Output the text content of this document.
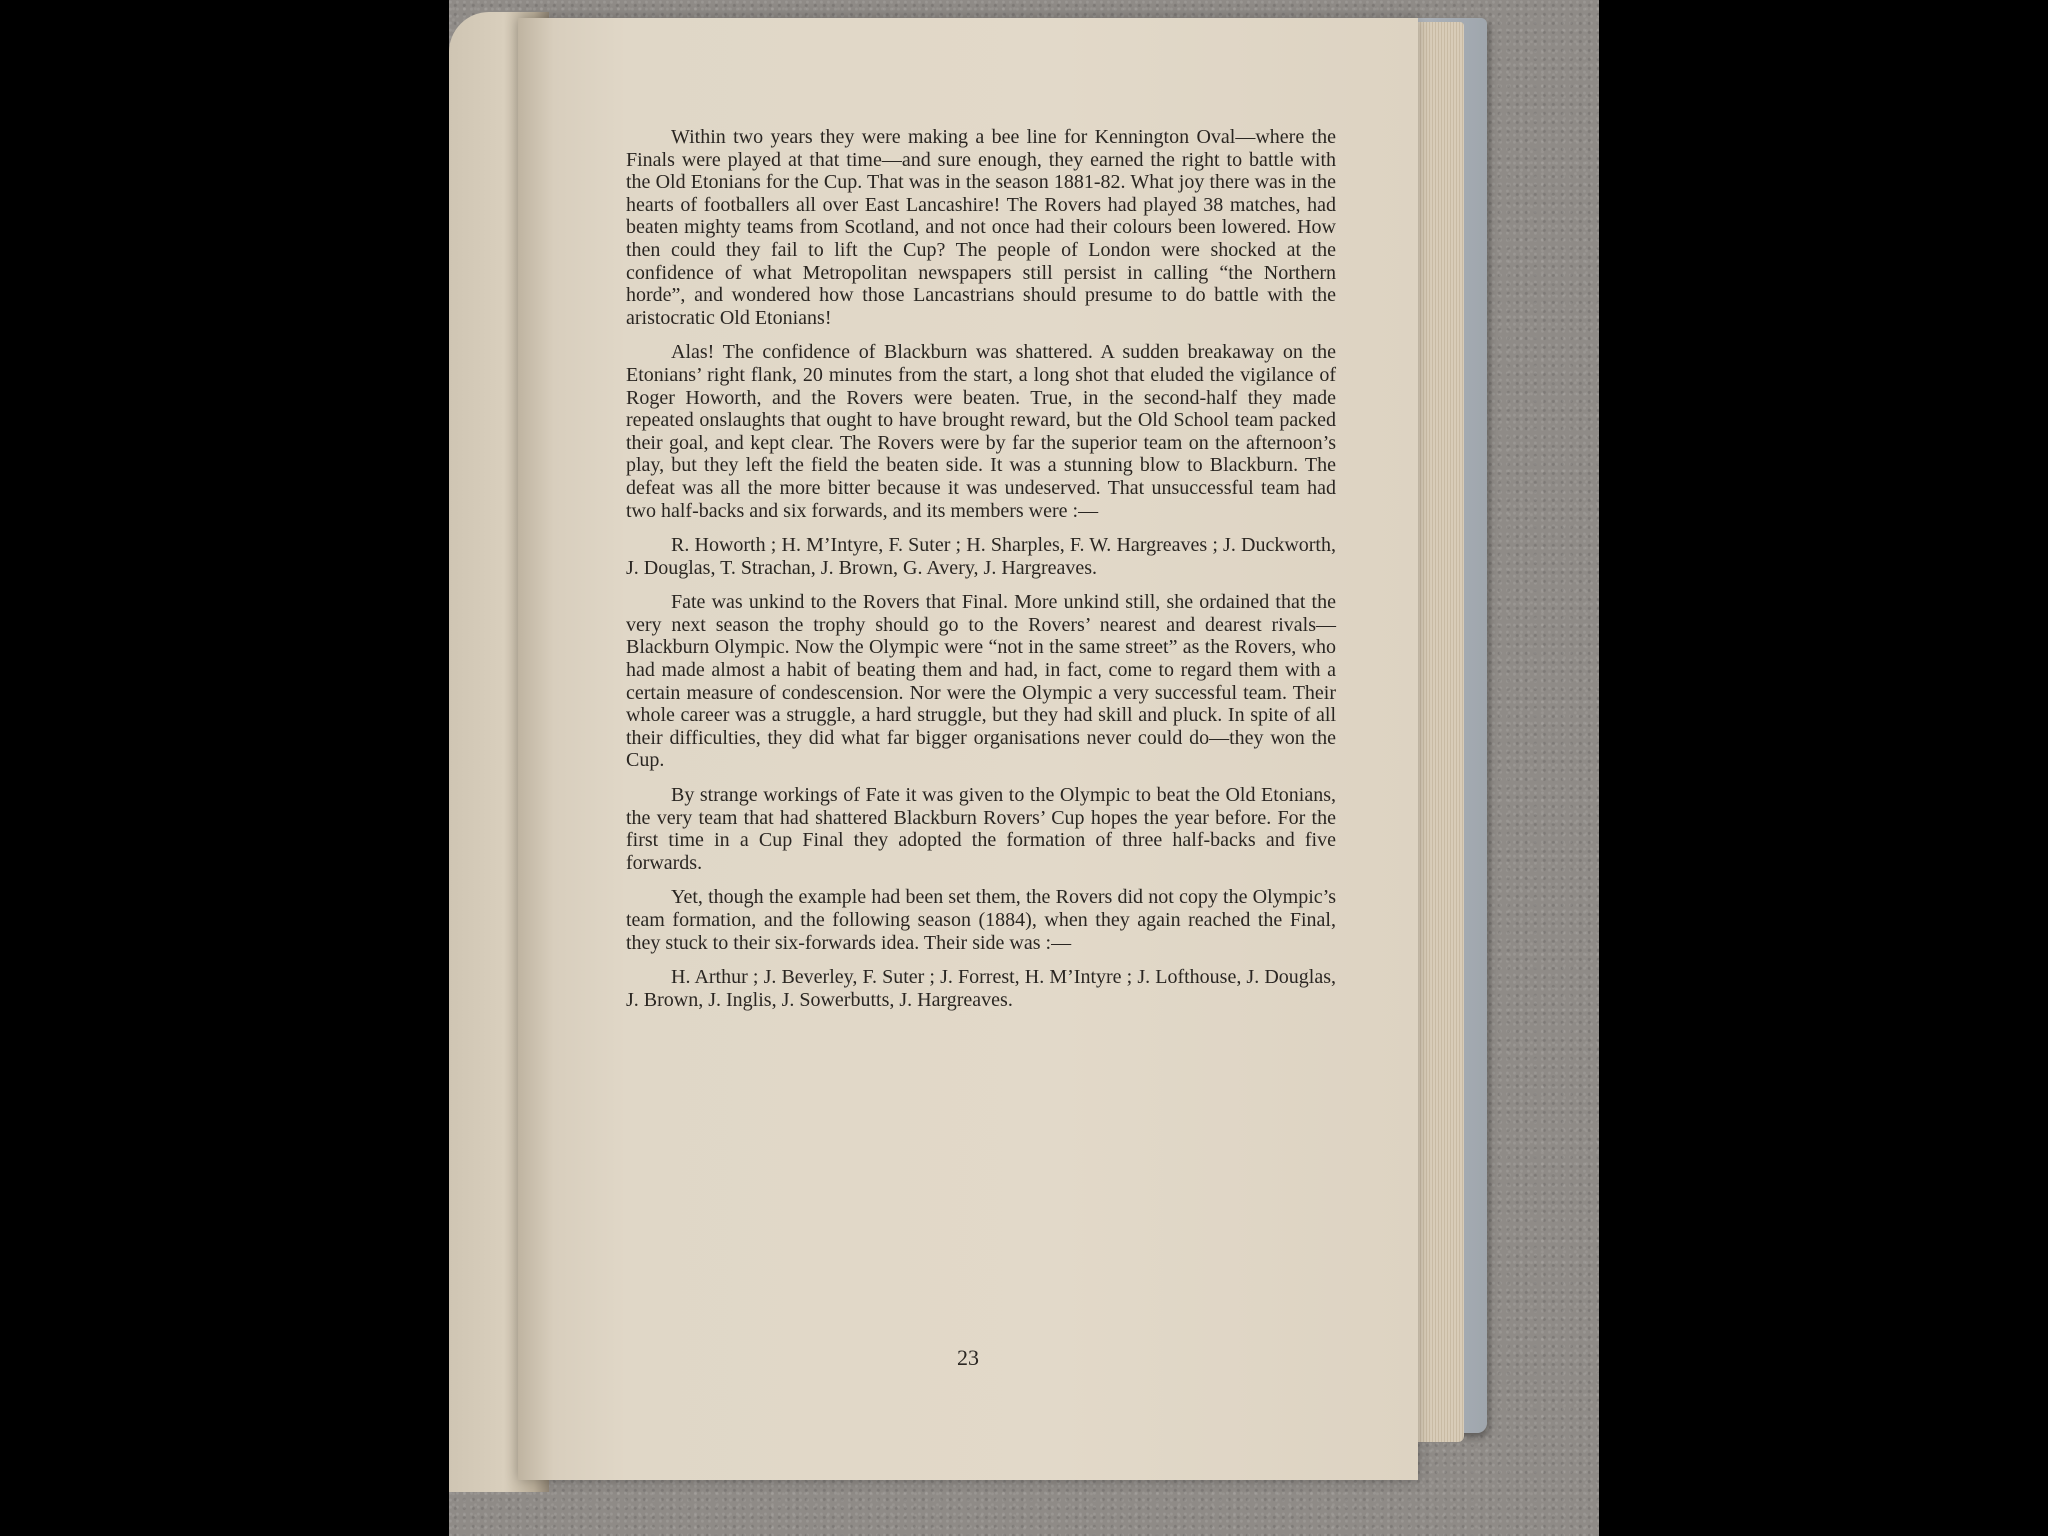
Within two years they were making a bee line for Kennington Oval—where the Finals were played at that time—and sure enough, they earned the right to battle with the Old Etonians for the Cup. That was in the season 1881-82. What joy there was in the hearts of footballers all over East Lancashire! The Rovers had played 38 matches, had beaten mighty teams from Scotland, and not once had their colours been lowered. How then could they fail to lift the Cup? The people of London were shocked at the confidence of what Metropolitan newspapers still persist in calling “the Northern horde”, and wondered how those Lancastrians should presume to do battle with the aristocratic Old Etonians!

Alas! The confidence of Blackburn was shattered. A sudden breakaway on the Etonians’ right flank, 20 minutes from the start, a long shot that eluded the vigilance of Roger Howorth, and the Rovers were beaten. True, in the second-half they made repeated onslaughts that ought to have brought reward, but the Old School team packed their goal, and kept clear. The Rovers were by far the superior team on the afternoon’s play, but they left the field the beaten side. It was a stunning blow to Blackburn. The defeat was all the more bitter because it was undeserved. That unsuccessful team had two half-backs and six forwards, and its members were :—

R. Howorth ; H. M’Intyre, F. Suter ; H. Sharples, F. W. Hargreaves ; J. Duckworth, J. Douglas, T. Strachan, J. Brown, G. Avery, J. Hargreaves.

Fate was unkind to the Rovers that Final. More unkind still, she ordained that the very next season the trophy should go to the Rovers’ nearest and dearest rivals—Blackburn Olympic. Now the Olympic were “not in the same street” as the Rovers, who had made almost a habit of beating them and had, in fact, come to regard them with a certain measure of condescension. Nor were the Olympic a very successful team. Their whole career was a struggle, a hard struggle, but they had skill and pluck. In spite of all their difficulties, they did what far bigger organisations never could do—they won the Cup.

By strange workings of Fate it was given to the Olympic to beat the Old Etonians, the very team that had shattered Blackburn Rovers’ Cup hopes the year before. For the first time in a Cup Final they adopted the formation of three half-backs and five forwards.

Yet, though the example had been set them, the Rovers did not copy the Olympic’s team formation, and the following season (1884), when they again reached the Final, they stuck to their six-forwards idea. Their side was :—

H. Arthur ; J. Beverley, F. Suter ; J. Forrest, H. M’Intyre ; J. Lofthouse, J. Douglas, J. Brown, J. Inglis, J. Sowerbutts, J. Hargreaves.

23
